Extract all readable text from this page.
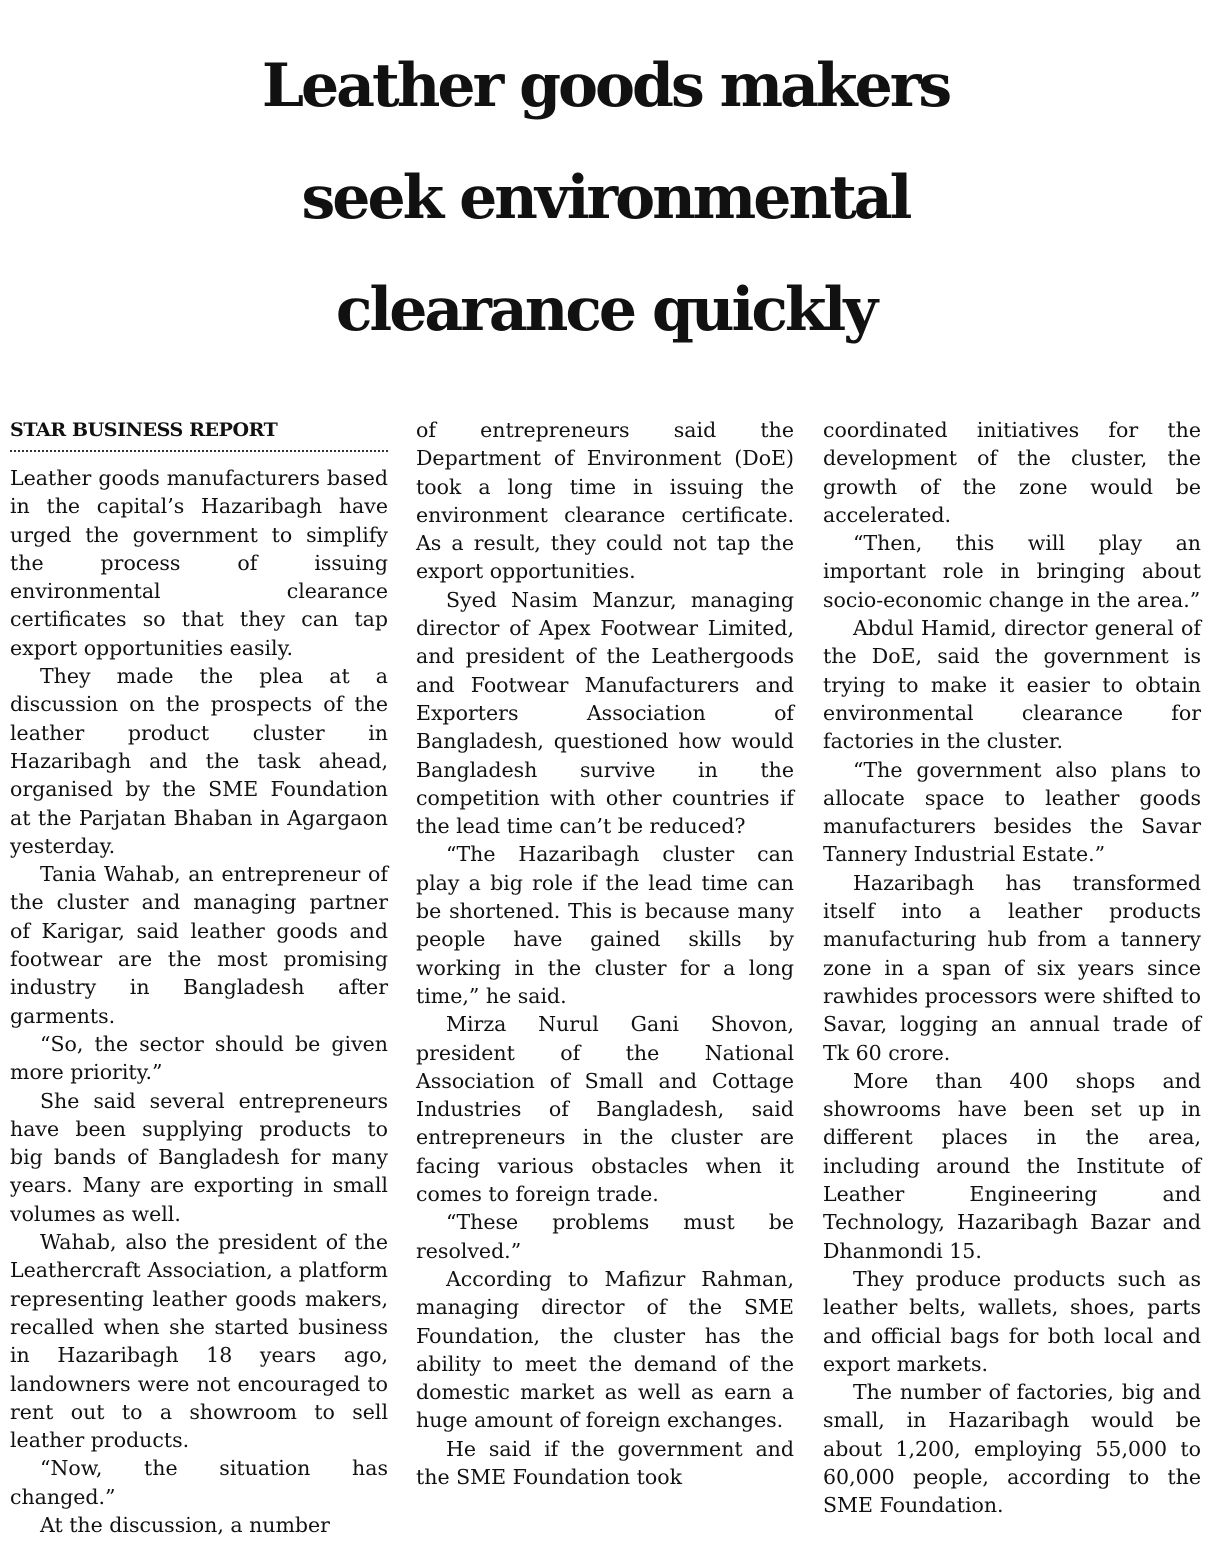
Leather goods makers
seek environmental
clearance quickly
STAR BUSINESS REPORT

Leather goods manufacturers based in the capital’s Hazaribagh have urged the government to simplify the process of issuing environmental clearance certificates so that they can tap export opportunities easily.

They made the plea at a discussion on the prospects of the leather product cluster in Hazaribagh and the task ahead, organised by the SME Foundation at the Parjatan Bhaban in Agargaon yesterday.

Tania Wahab, an entrepreneur of the cluster and managing partner of Karigar, said leather goods and footwear are the most promising industry in Bangladesh after garments.

“So, the sector should be given more priority.”

She said several entrepreneurs have been supplying products to big bands of Bangladesh for many years. Many are exporting in small volumes as well.

Wahab, also the president of the Leathercraft Association, a platform representing leather goods makers, recalled when she started business in Hazaribagh 18 years ago, landowners were not encouraged to rent out to a showroom to sell leather products.

“Now, the situation has changed.”

At the discussion, a number

of entrepreneurs said the Department of Environment (DoE) took a long time in issuing the environment clearance certificate. As a result, they could not tap the export opportunities.

Syed Nasim Manzur, managing director of Apex Footwear Limited, and president of the Leathergoods and Footwear Manufacturers and Exporters Association of Bangladesh, questioned how would Bangladesh survive in the competition with other countries if the lead time can’t be reduced?

“The Hazaribagh cluster can play a big role if the lead time can be shortened. This is because many people have gained skills by working in the cluster for a long time,” he said.

Mirza Nurul Gani Shovon, president of the National Association of Small and Cottage Industries of Bangladesh, said entrepreneurs in the cluster are facing various obstacles when it comes to foreign trade.

“These problems must be resolved.”

According to Mafizur Rahman, managing director of the SME Foundation, the cluster has the ability to meet the demand of the domestic market as well as earn a huge amount of foreign exchanges.

He said if the government and the SME Foundation took

coordinated initiatives for the development of the cluster, the growth of the zone would be accelerated.

“Then, this will play an important role in bringing about socio-economic change in the area.”

Abdul Hamid, director general of the DoE, said the government is trying to make it easier to obtain environmental clearance for factories in the cluster.

“The government also plans to allocate space to leather goods manufacturers besides the Savar Tannery Industrial Estate.”

Hazaribagh has transformed itself into a leather products manufacturing hub from a tannery zone in a span of six years since rawhides processors were shifted to Savar, logging an annual trade of Tk 60 crore.

More than 400 shops and showrooms have been set up in different places in the area, including around the Institute of Leather Engineering and Technology, Hazaribagh Bazar and Dhanmondi 15.

They produce products such as leather belts, wallets, shoes, parts and official bags for both local and export markets.

The number of factories, big and small, in Hazaribagh would be about 1,200, employing 55,000 to 60,000 people, according to the SME Foundation.
